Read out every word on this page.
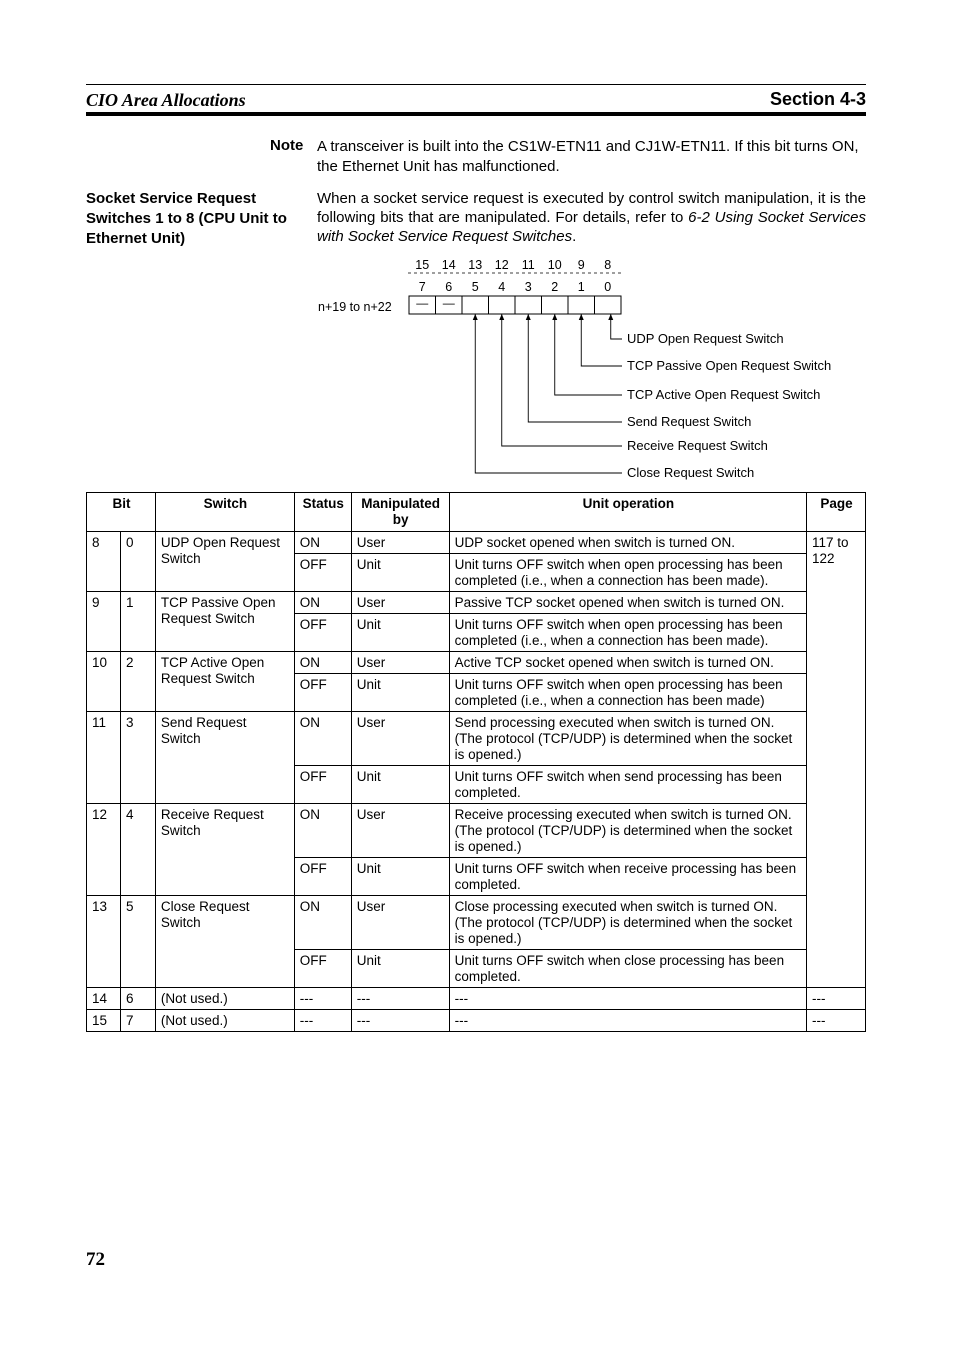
CIO Area Allocations	Section 4-3
Note A transceiver is built into the CS1W-ETN11 and CJ1W-ETN11. If this bit turns ON, the Ethernet Unit has malfunctioned.
Socket Service Request Switches 1 to 8 (CPU Unit to Ethernet Unit)
When a socket service request is executed by control switch manipulation, it is the following bits that are manipulated. For details, refer to 6-2 Using Socket Services with Socket Service Request Switches.
15 14 13 12 11 10 9 8
7 6 5 4 3 2 1 0
n+19 to n+22 — —
UDP Open Request Switch
TCP Passive Open Request Switch
TCP Active Open Request Switch
Send Request Switch
Receive Request Switch
Close Request Switch
Bit		Switch	Status	Manipulated by	Unit operation	Page
8	0	UDP Open Request Switch	ON	User	UDP socket opened when switch is turned ON.	117 to 122
			OFF	Unit	Unit turns OFF switch when open processing has been completed (i.e., when a connection has been made).	
9	1	TCP Passive Open Request Switch	ON	User	Passive TCP socket opened when switch is turned ON.	
			OFF	Unit	Unit turns OFF switch when open processing has been completed (i.e., when a connection has been made).	
10	2	TCP Active Open Request Switch	ON	User	Active TCP socket opened when switch is turned ON.	
			OFF	Unit	Unit turns OFF switch when open processing has been completed (i.e., when a connection has been made)	
11	3	Send Request Switch	ON	User	Send processing executed when switch is turned ON. (The protocol (TCP/UDP) is determined when the socket is opened.)	
			OFF	Unit	Unit turns OFF switch when send processing has been completed.	
12	4	Receive Request Switch	ON	User	Receive processing executed when switch is turned ON.
(The protocol (TCP/UDP) is determined when the socket is opened.)	

			OFF	Unit	Unit turns OFF switch when receive processing has been completed.	
13	5	Close Request Switch	ON	User	Close processing executed when switch is turned ON. (The protocol (TCP/UDP) is determined when the socket is opened.)	
			OFF	Unit	Unit turns OFF switch when close processing has been completed.	
14	6	(Not used.)	---	---	---	---
15	7	(Not used.)	---	---	---	---
72
